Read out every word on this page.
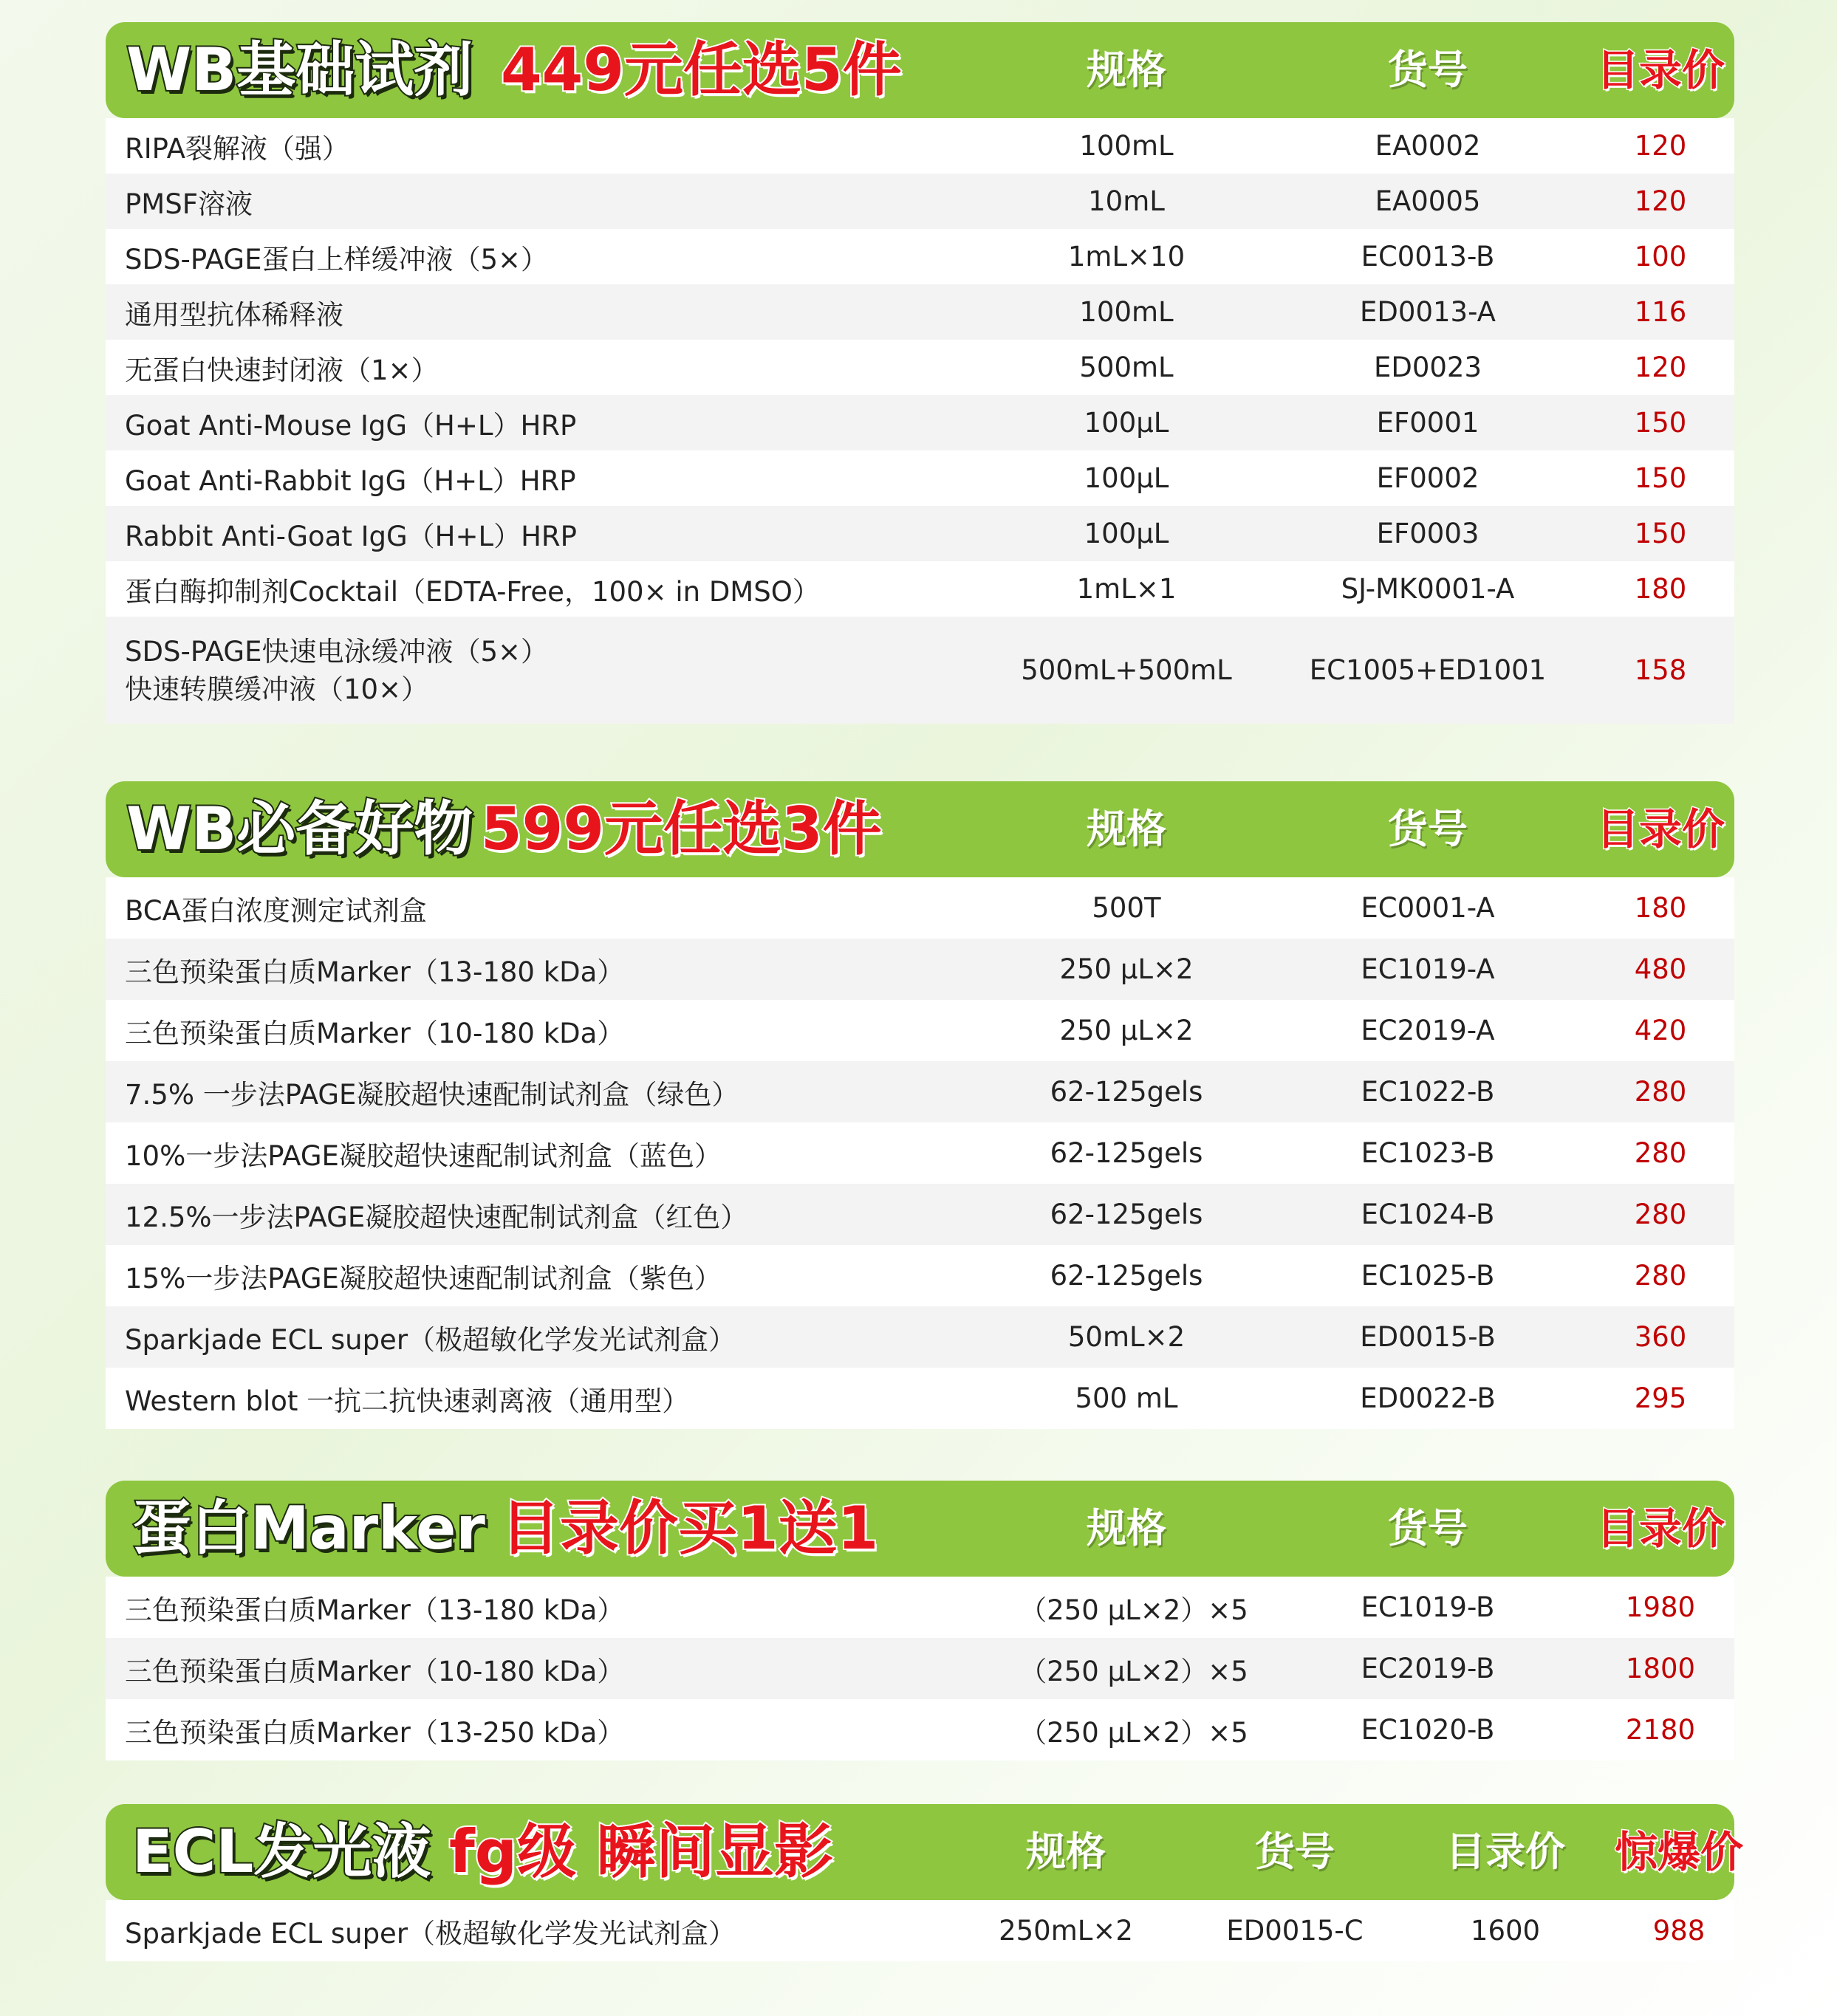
WB基础试剂 449元任选5件	规格	货号	目录价
RIPA裂解液（强）	100mL	EA0002	120
PMSF溶液	10mL	EA0005	120
SDS-PAGE蛋白上样缓冲液（5×）	1mL×10	EC0013-B	100
通用型抗体稀释液	100mL	ED0013-A	116
无蛋白快速封闭液（1×）	500mL	ED0023	120
Goat Anti-Mouse IgG（H+L）HRP	100μL	EF0001	150
Goat Anti-Rabbit IgG（H+L）HRP	100μL	EF0002	150
Rabbit Anti-Goat IgG（H+L）HRP	100μL	EF0003	150
蛋白酶抑制剂Cocktail（EDTA-Free，100× in DMSO）	1mL×1	SJ-MK0001-A	180
SDS-PAGE快速电泳缓冲液（5×）
快速转膜缓冲液（10×）
500mL+500mL	EC1005+ED1001	158
WB必备好物 599元任选3件	规格	货号	目录价
BCA蛋白浓度测定试剂盒	500T	EC0001-A	180
三色预染蛋白质Marker（13-180 kDa）	250 μL×2	EC1019-A	480
三色预染蛋白质Marker（10-180 kDa）	250 μL×2	EC2019-A	420
7.5% 一步法PAGE凝胶超快速配制试剂盒（绿色）	62-125gels	EC1022-B	280
10%一步法PAGE凝胶超快速配制试剂盒（蓝色）	62-125gels	EC1023-B	280
12.5%一步法PAGE凝胶超快速配制试剂盒（红色）	62-125gels	EC1024-B	280
15%一步法PAGE凝胶超快速配制试剂盒（紫色）	62-125gels	EC1025-B	280
Sparkjade ECL super（极超敏化学发光试剂盒）	50mL×2	ED0015-B	360
Western blot 一抗二抗快速剥离液（通用型）	500 mL	ED0022-B	295
蛋白Marker 目录价买1送1	规格	货号	目录价
三色预染蛋白质Marker（13-180 kDa）	（250 μL×2）×5	EC1019-B	1980
三色预染蛋白质Marker（10-180 kDa）	（250 μL×2）×5	EC2019-B	1800
三色预染蛋白质Marker（13-250 kDa）	（250 μL×2）×5	EC1020-B	2180
ECL发光液 fg级 瞬间显影	规格	货号	目录价	惊爆价
Sparkjade ECL super（极超敏化学发光试剂盒）	250mL×2	ED0015-C	1600	988
